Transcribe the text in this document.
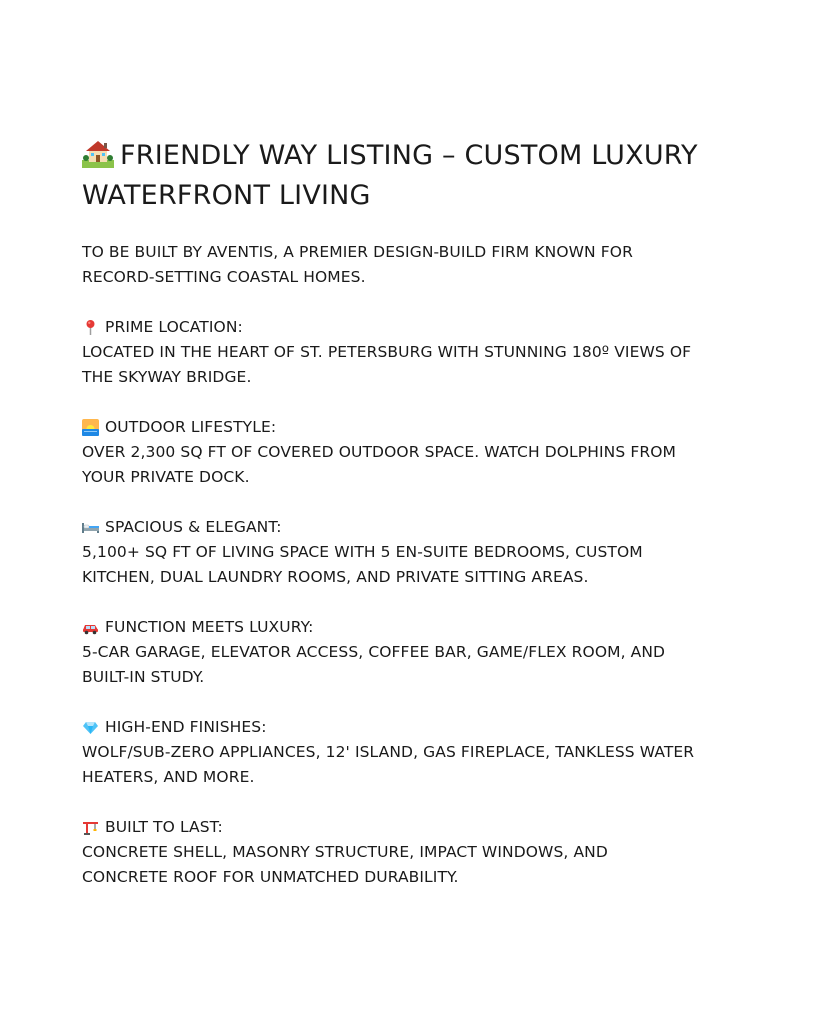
FRIENDLY WAY LISTING – CUSTOM LUXURY
WATERFRONT LIVING

TO BE BUILT BY AVENTIS, A PREMIER DESIGN-BUILD FIRM KNOWN FOR

RECORD-SETTING COASTAL HOMES.

PRIME LOCATION:

LOCATED IN THE HEART OF ST. PETERSBURG WITH STUNNING 180º VIEWS OF

THE SKYWAY BRIDGE.

OUTDOOR LIFESTYLE:

OVER 2,300 SQ FT OF COVERED OUTDOOR SPACE. WATCH DOLPHINS FROM

YOUR PRIVATE DOCK.

SPACIOUS & ELEGANT:

5,100+ SQ FT OF LIVING SPACE WITH 5 EN-SUITE BEDROOMS, CUSTOM

KITCHEN, DUAL LAUNDRY ROOMS, AND PRIVATE SITTING AREAS.

FUNCTION MEETS LUXURY:

5-CAR GARAGE, ELEVATOR ACCESS, COFFEE BAR, GAME/FLEX ROOM, AND

BUILT-IN STUDY.

HIGH-END FINISHES:

WOLF/SUB-ZERO APPLIANCES, 12' ISLAND, GAS FIREPLACE, TANKLESS WATER

HEATERS, AND MORE.

BUILT TO LAST:

CONCRETE SHELL, MASONRY STRUCTURE, IMPACT WINDOWS, AND

CONCRETE ROOF FOR UNMATCHED DURABILITY.
